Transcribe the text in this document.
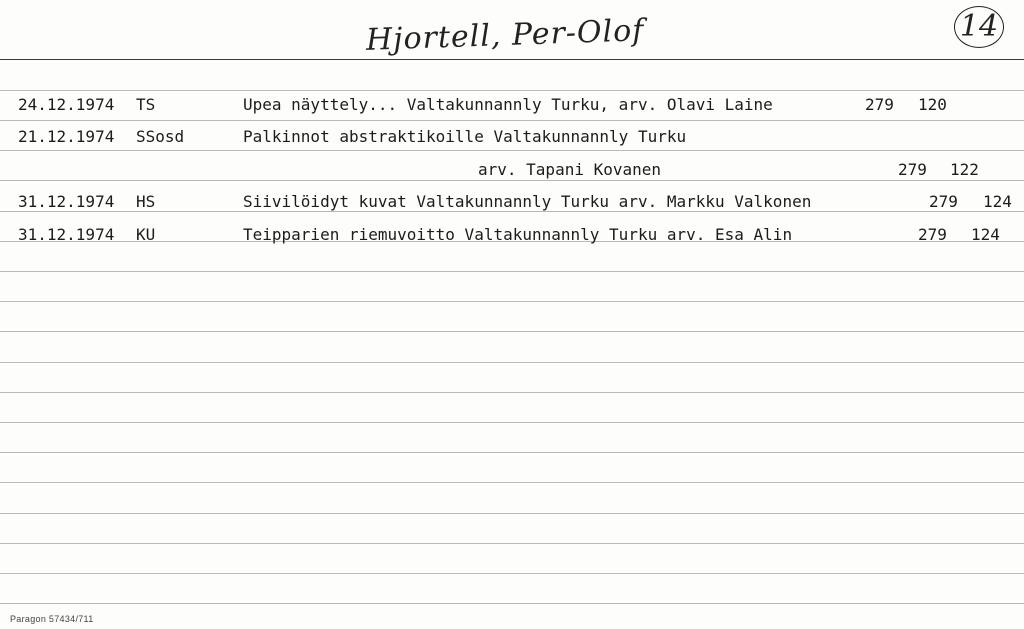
Hjortell, Per-Olof	14
24.12.1974 TS	Upea näyttely... Valtakunnannly Turku, arv. Olavi Laine	279 120
21.12.1974 SSosd	Palkinnot abstraktikoille Valtakunnannly Turku
arv. Tapani Kovanen	279 122
31.12.1974 HS	Siivilöidyt kuvat Valtakunnannly Turku arv. Markku Valkonen	279 124
31.12.1974 KU	Teipparien riemuvoitto Valtakunnannly Turku arv. Esa Alin	279 124
Paragon 57434/711
